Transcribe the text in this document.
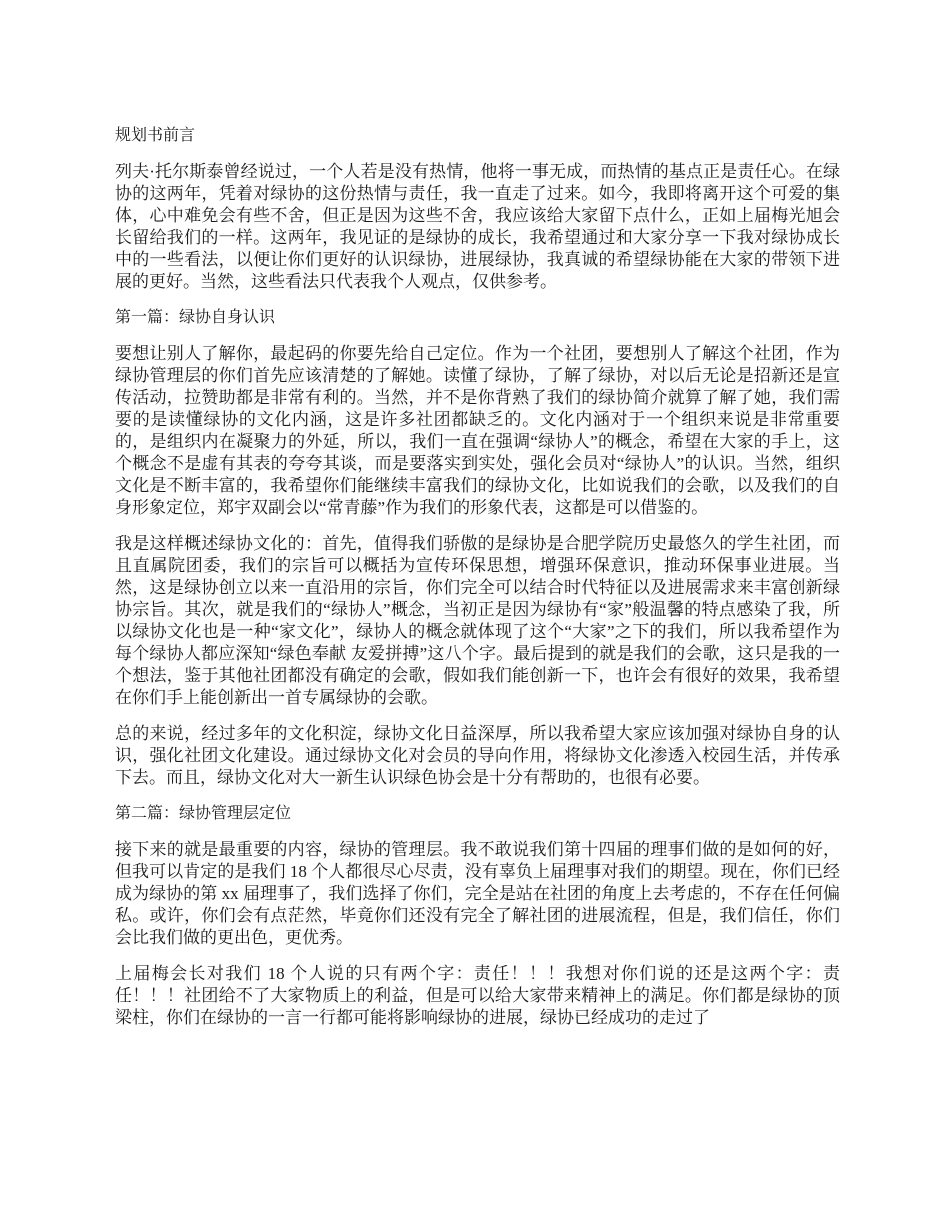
规划书前言

列夫·托尔斯泰曾经说过，一个人若是没有热情，他将一事无成，而热情的基点正是责任心。在绿协的这两年，凭着对绿协的这份热情与责任，我一直走了过来。如今，我即将离开这个可爱的集体，心中难免会有些不舍，但正是因为这些不舍，我应该给大家留下点什么，正如上届梅光旭会长留给我们的一样。这两年，我见证的是绿协的成长，我希望通过和大家分享一下我对绿协成长中的一些看法，以便让你们更好的认识绿协，进展绿协，我真诚的希望绿协能在大家的带领下进展的更好。当然，这些看法只代表我个人观点，仅供参考。

第一篇：绿协自身认识

要想让别人了解你，最起码的你要先给自己定位。作为一个社团，要想别人了解这个社团，作为绿协管理层的你们首先应该清楚的了解她。读懂了绿协，了解了绿协，对以后无论是招新还是宣传活动，拉赞助都是非常有利的。当然，并不是你背熟了我们的绿协简介就算了解了她，我们需要的是读懂绿协的文化内涵，这是许多社团都缺乏的。文化内涵对于一个组织来说是非常重要的，是组织内在凝聚力的外延，所以，我们一直在强调“绿协人”的概念，希望在大家的手上，这个概念不是虚有其表的夸夸其谈，而是要落实到实处，强化会员对“绿协人”的认识。当然，组织文化是不断丰富的，我希望你们能继续丰富我们的绿协文化，比如说我们的会歌，以及我们的自身形象定位，郑宇双副会以“常青藤”作为我们的形象代表，这都是可以借鉴的。

我是这样概述绿协文化的：首先，值得我们骄傲的是绿协是合肥学院历史最悠久的学生社团，而且直属院团委，我们的宗旨可以概括为宣传环保思想，增强环保意识，推动环保事业进展。当然，这是绿协创立以来一直沿用的宗旨，你们完全可以结合时代特征以及进展需求来丰富创新绿协宗旨。其次，就是我们的“绿协人”概念，当初正是因为绿协有“家”般温馨的特点感染了我，所以绿协文化也是一种“家文化”，绿协人的概念就体现了这个“大家”之下的我们，所以我希望作为每个绿协人都应深知“绿色奉献 友爱拼搏”这八个字。最后提到的就是我们的会歌，这只是我的一个想法，鉴于其他社团都没有确定的会歌，假如我们能创新一下，也许会有很好的效果，我希望在你们手上能创新出一首专属绿协的会歌。

总的来说，经过多年的文化积淀，绿协文化日益深厚，所以我希望大家应该加强对绿协自身的认识，强化社团文化建设。通过绿协文化对会员的导向作用，将绿协文化渗透入校园生活，并传承下去。而且，绿协文化对大一新生认识绿色协会是十分有帮助的，也很有必要。

第二篇：绿协管理层定位

接下来的就是最重要的内容，绿协的管理层。我不敢说我们第十四届的理事们做的是如何的好，但我可以肯定的是我们 18 个人都很尽心尽责，没有辜负上届理事对我们的期望。现在，你们已经成为绿协的第 xx 届理事了，我们选择了你们，完全是站在社团的角度上去考虑的，不存在任何偏私。或许，你们会有点茫然，毕竟你们还没有完全了解社团的进展流程，但是，我们信任，你们会比我们做的更出色，更优秀。

上届梅会长对我们 18 个人说的只有两个字：责任！！！我想对你们说的还是这两个字：责任！！！社团给不了大家物质上的利益，但是可以给大家带来精神上的满足。你们都是绿协的顶梁柱，你们在绿协的一言一行都可能将影响绿协的进展，绿协已经成功的走过了
